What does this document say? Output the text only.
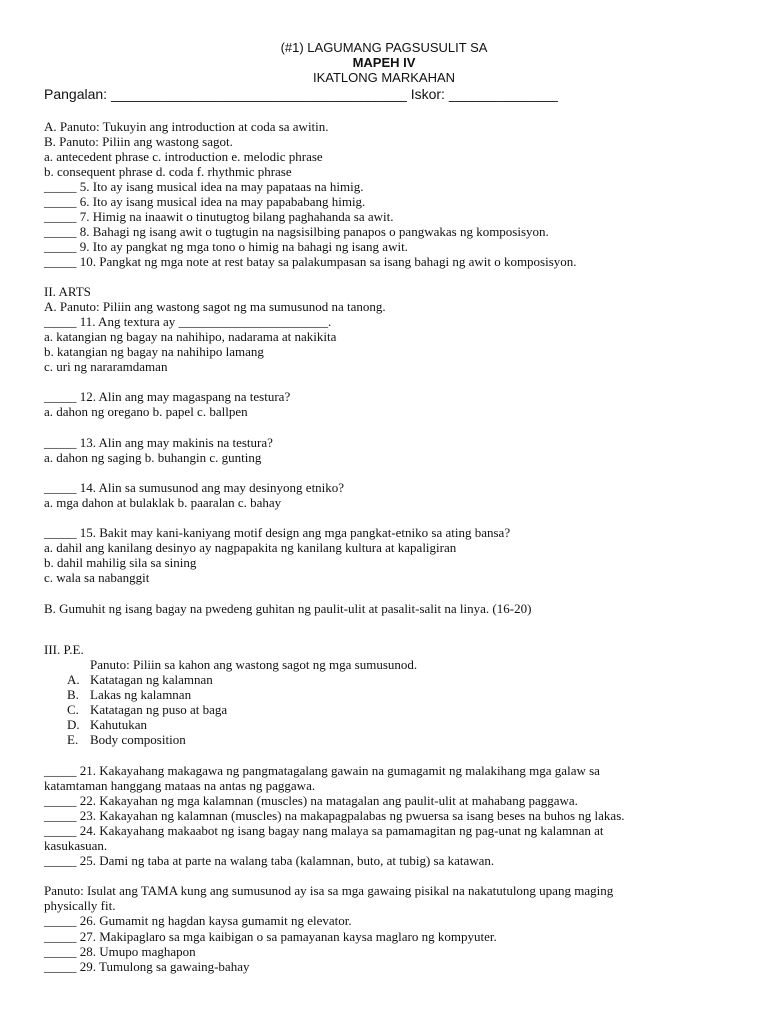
(#1) LAGUMANG PAGSUSULIT SA
MAPEH IV
IKATLONG MARKAHAN
Pangalan: ______________________________________ Iskor: ______________
A. Panuto: Tukuyin ang introduction at coda sa awitin.
B. Panuto: Piliin ang wastong sagot.
a. antecedent phrase c. introduction e. melodic phrase
b. consequent phrase d. coda f. rhythmic phrase
_____ 5. Ito ay isang musical idea na may papataas na himig.
_____ 6. Ito ay isang musical idea na may papababang himig.
_____ 7. Himig na inaawit o tinutugtog bilang paghahanda sa awit.
_____ 8. Bahagi ng isang awit o tugtugin na nagsisilbing panapos o pangwakas ng komposisyon.
_____ 9. Ito ay pangkat ng mga tono o himig na bahagi ng isang awit.
_____ 10. Pangkat ng mga note at rest batay sa palakumpasan sa isang bahagi ng awit o komposisyon.
II. ARTS
A. Panuto: Piliin ang wastong sagot ng ma sumusunod na tanong.
_____ 11. Ang textura ay _______________________.
a. katangian ng bagay na nahihipo, nadarama at nakikita
b. katangian ng bagay na nahihipo lamang
c. uri ng nararamdaman
_____ 12. Alin ang may magaspang na testura?
a. dahon ng oregano b. papel c. ballpen
_____ 13. Alin ang may makinis na testura?
a. dahon ng saging b. buhangin c. gunting
_____ 14. Alin sa sumusunod ang may desinyong etniko?
a. mga dahon at bulaklak b. paaralan c. bahay
_____ 15. Bakit may kani-kaniyang motif design ang mga pangkat-etniko sa ating bansa?
a. dahil ang kanilang desinyo ay nagpapakita ng kanilang kultura at kapaligiran
b. dahil mahilig sila sa sining
c. wala sa nabanggit
B. Gumuhit ng isang bagay na pwedeng guhitan ng paulit-ulit at pasalit-salit na linya. (16-20)
III. P.E.
Panuto: Piliin sa kahon ang wastong sagot ng mga sumusunod.
A. Katatagan ng kalamnan
B. Lakas ng kalamnan
C. Katatagan ng puso at baga
D. Kahutukan
E. Body composition
_____ 21. Kakayahang makagawa ng pangmatagalang gawain na gumagamit ng malakihang mga galaw sa
katamtaman hanggang mataas na antas ng paggawa.
_____ 22. Kakayahan ng mga kalamnan (muscles) na matagalan ang paulit-ulit at mahabang paggawa.
_____ 23. Kakayahan ng kalamnan (muscles) na makapagpalabas ng pwuersa sa isang beses na buhos ng lakas.
_____ 24. Kakayahang makaabot ng isang bagay nang malaya sa pamamagitan ng pag-unat ng kalamnan at
kasukasuan.
_____ 25. Dami ng taba at parte na walang taba (kalamnan, buto, at tubig) sa katawan.
Panuto: Isulat ang TAMA kung ang sumusunod ay isa sa mga gawaing pisikal na nakatutulong upang maging
physically fit.
_____ 26. Gumamit ng hagdan kaysa gumamit ng elevator.
_____ 27. Makipaglaro sa mga kaibigan o sa pamayanan kaysa maglaro ng kompyuter.
_____ 28. Umupo maghapon
_____ 29. Tumulong sa gawaing-bahay
